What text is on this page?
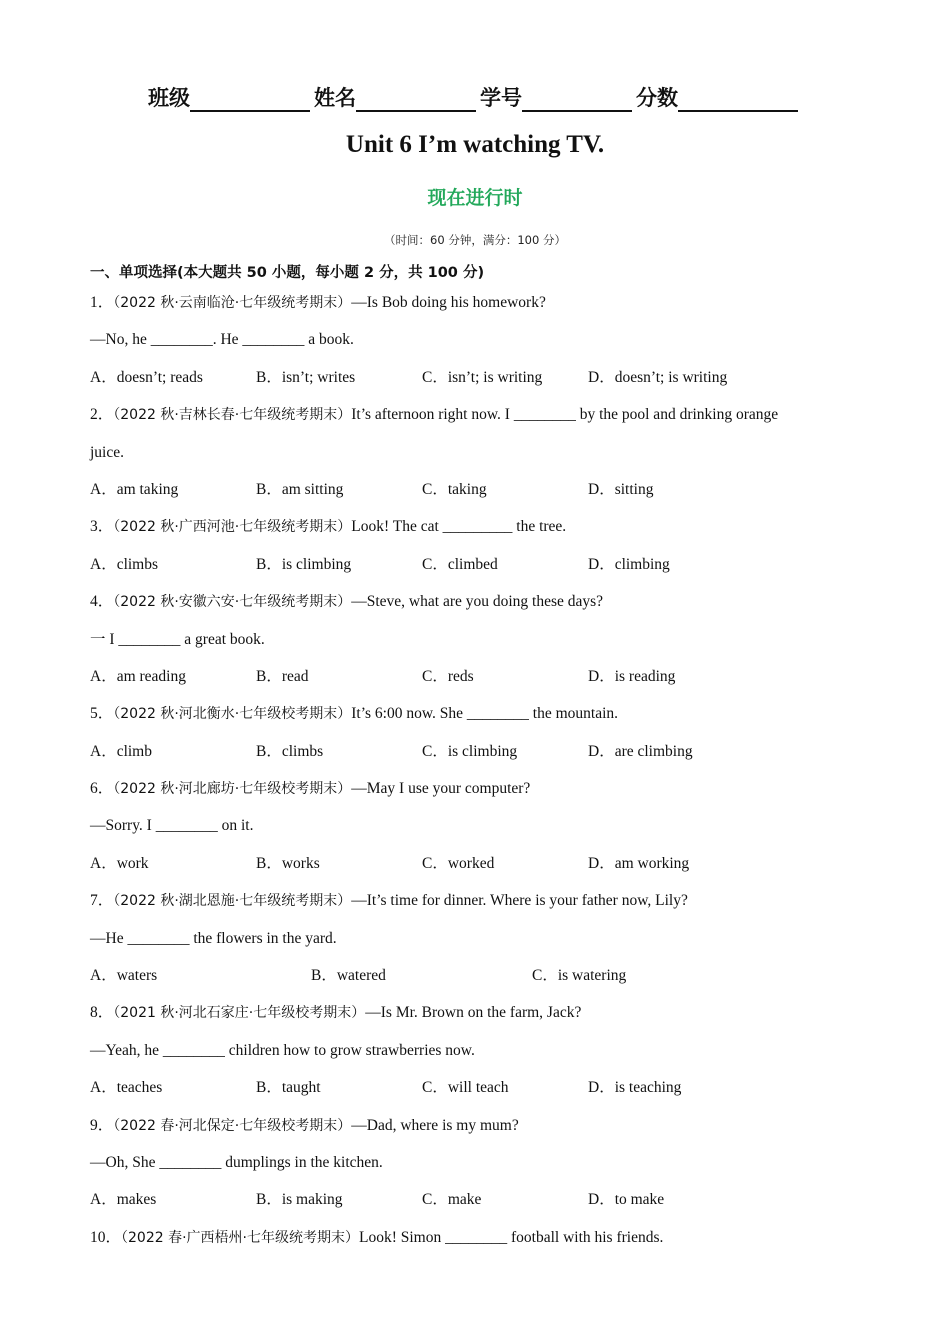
班级	姓名	学号	分数
Unit 6 I’m watching TV.
现在进行时
（时间：60 分钟，满分：100 分）
一、单项选择(本大题共 50 小题，每小题 2 分，共 100 分)
1．（2022 秋·云南临沧·七年级统考期末）—Is Bob doing his homework?
—No, he ________. He ________ a book.
A．doesn’t; reads	B．isn’t; writes	C．isn’t; is writing	D．doesn’t; is writing
2．（2022 秋·吉林长春·七年级统考期末）It’s afternoon right now. I ________ by the pool and drinking orange
juice.
A．am taking	B．am sitting	C．taking	D．sitting
3．（2022 秋·广西河池·七年级统考期末）Look! The cat _________ the tree.
A．climbs	B．is climbing	C．climbed	D．climbing
4．（2022 秋·安徽六安·七年级统考期末）—Steve, what are you doing these days?
一 I ________ a great book.
A．am reading	B．read	C．reds	D．is reading
5．（2022 秋·河北衡水·七年级校考期末）It’s 6:00 now. She ________ the mountain.
A．climb	B．climbs	C．is climbing	D．are climbing
6．（2022 秋·河北廊坊·七年级校考期末）—May I use your computer?
—Sorry. I ________ on it.
A．work	B．works	C．worked	D．am working
7．（2022 秋·湖北恩施·七年级统考期末）—It’s time for dinner. Where is your father now, Lily?
—He ________ the flowers in the yard.
A．waters	B．watered	C．is watering
8．（2021 秋·河北石家庄·七年级校考期末）—Is Mr. Brown on the farm, Jack?
—Yeah, he ________ children how to grow strawberries now.
A．teaches	B．taught	C．will teach	D．is teaching
9．（2022 春·河北保定·七年级校考期末）—Dad, where is my mum?
—Oh, She ________ dumplings in the kitchen.
A．makes	B．is making	C．make	D．to make
10．（2022 春·广西梧州·七年级统考期末）Look! Simon ________ football with his friends.
